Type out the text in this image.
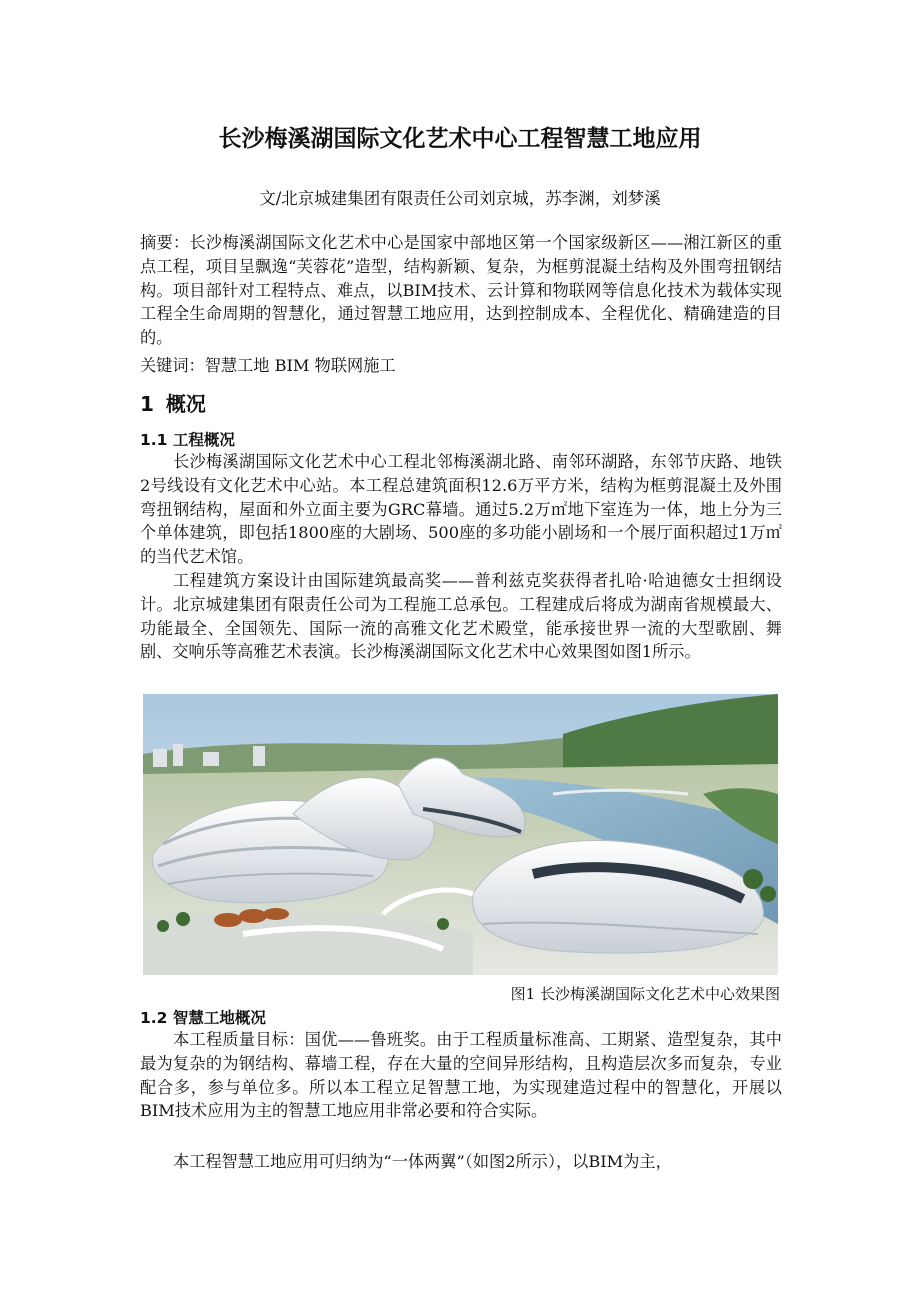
长沙梅溪湖国际文化艺术中心工程智慧工地应用
文/北京城建集团有限责任公司刘京城，苏李渊，刘梦溪

摘要：长沙梅溪湖国际文化艺术中心是国家中部地区第一个国家级新区——湘江新区的重点工程，项目呈飘逸“芙蓉花”造型，结构新颖、复杂，为框剪混凝土结构及外围弯扭钢结构。项目部针对工程特点、难点，以BIM技术、云计算和物联网等信息化技术为载体实现工程全生命周期的智慧化，通过智慧工地应用，达到控制成本、全程优化、精确建造的目的。

关键词：智慧工地 BIM 物联网施工

1 概况
1.1 工程概况

长沙梅溪湖国际文化艺术中心工程北邻梅溪湖北路、南邻环湖路，东邻节庆路、地铁2号线设有文化艺术中心站。本工程总建筑面积12.6万平方米，结构为框剪混凝土及外围弯扭钢结构，屋面和外立面主要为GRC幕墙。通过5.2万㎡地下室连为一体，地上分为三个单体建筑，即包括1800座的大剧场、500座的多功能小剧场和一个展厅面积超过1万㎡的当代艺术馆。

工程建筑方案设计由国际建筑最高奖——普利兹克奖获得者扎哈·哈迪德女士担纲设计。北京城建集团有限责任公司为工程施工总承包。工程建成后将成为湖南省规模最大、功能最全、全国领先、国际一流的高雅文化艺术殿堂，能承接世界一流的大型歌剧、舞剧、交响乐等高雅艺术表演。长沙梅溪湖国际文化艺术中心效果图如图1所示。

图1 长沙梅溪湖国际文化艺术中心效果图
1.2 智慧工地概况

本工程质量目标：国优——鲁班奖。由于工程质量标准高、工期紧、造型复杂，其中最为复杂的为钢结构、幕墙工程，存在大量的空间异形结构，且构造层次多而复杂，专业配合多，参与单位多。所以本工程立足智慧工地，为实现建造过程中的智慧化，开展以BIM技术应用为主的智慧工地应用非常必要和符合实际。

本工程智慧工地应用可归纳为“一体两翼”（如图2所示），以BIM为主，
